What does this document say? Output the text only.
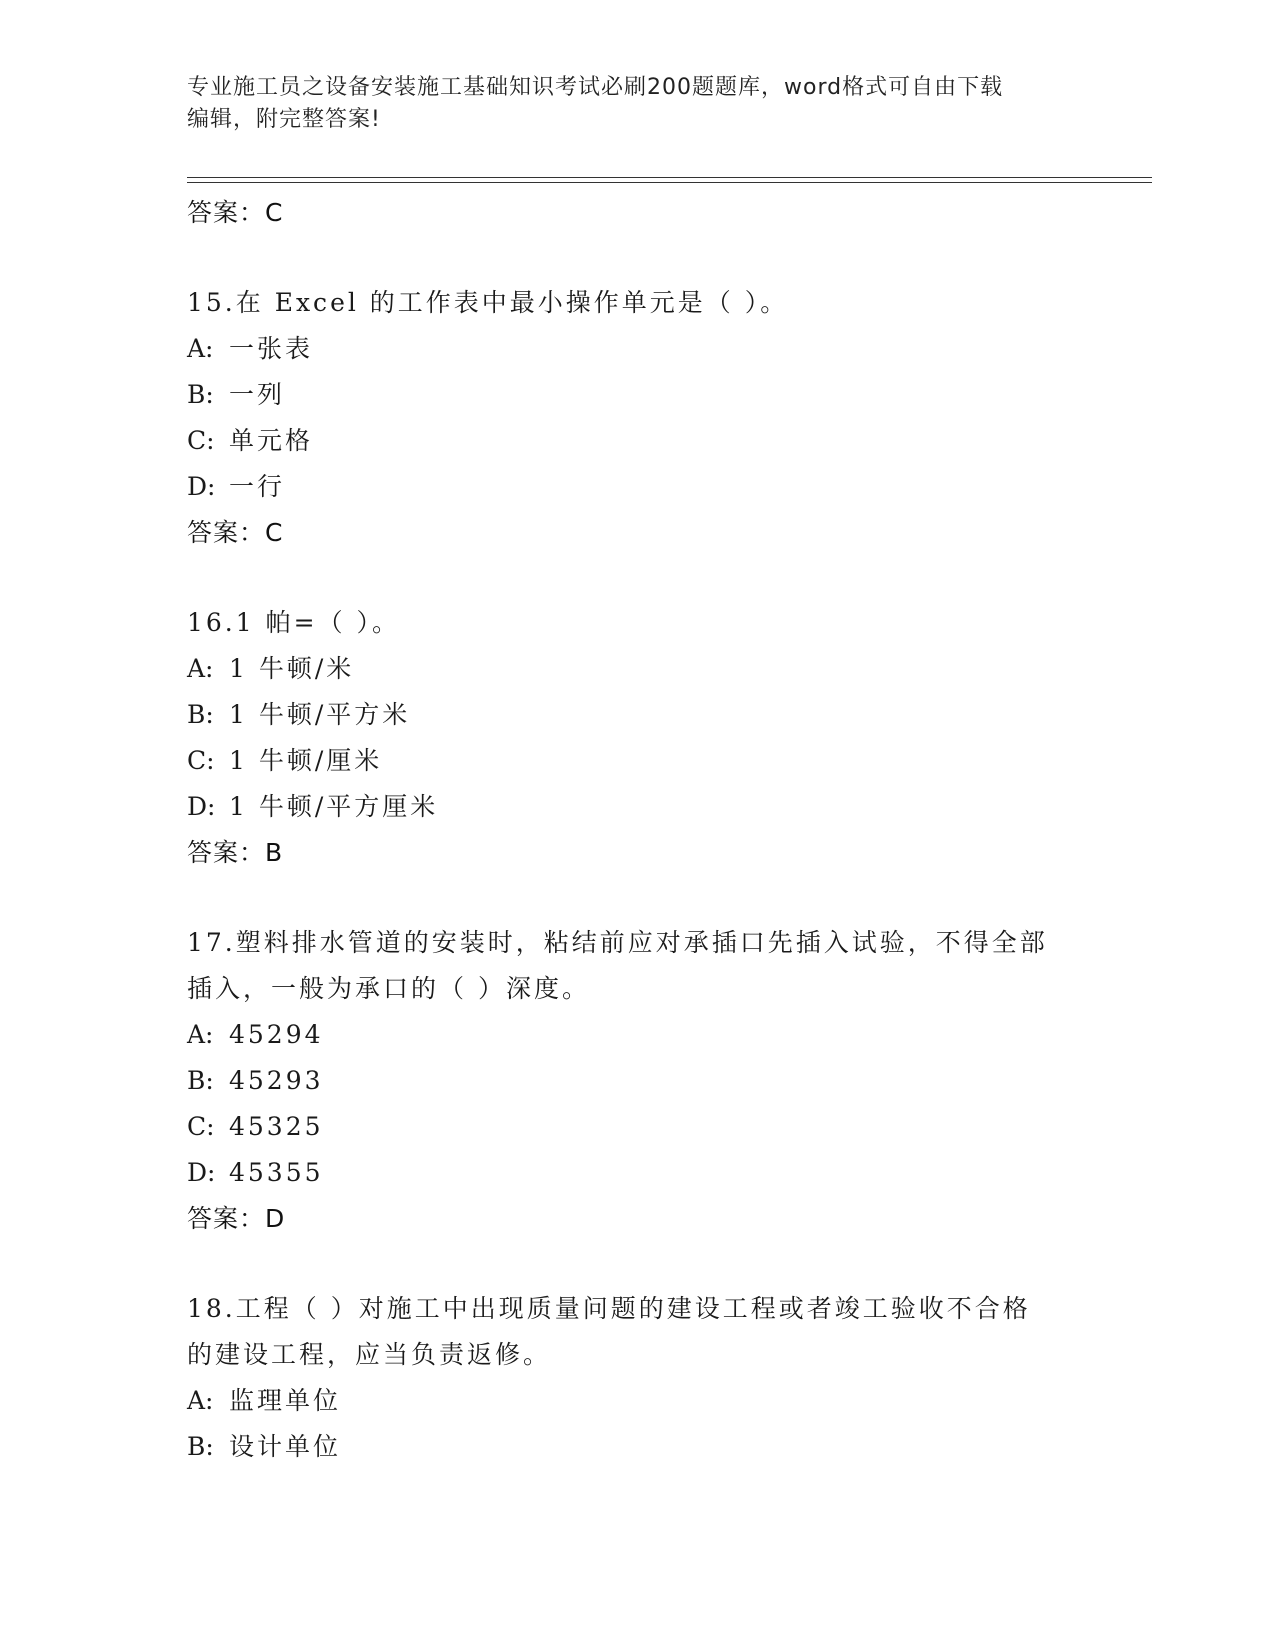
专业施工员之设备安装施工基础知识考试必刷200题题库，word格式可自由下载
编辑，附完整答案!
答案：C
15.在 Excel 的工作表中最小操作单元是（ ）。
A: 一张表
B: 一列
C: 单元格
D: 一行
答案：C
16.1 帕=（ ）。
A: 1 牛顿/米
B: 1 牛顿/平方米
C: 1 牛顿/厘米
D: 1 牛顿/平方厘米
答案：B
17.塑料排水管道的安装时，粘结前应对承插口先插入试验，不得全部
插入，一般为承口的（ ）深度。
A: 45294
B: 45293
C: 45325
D: 45355
答案：D
18.工程（ ）对施工中出现质量问题的建设工程或者竣工验收不合格
的建设工程，应当负责返修。
A: 监理单位
B: 设计单位
